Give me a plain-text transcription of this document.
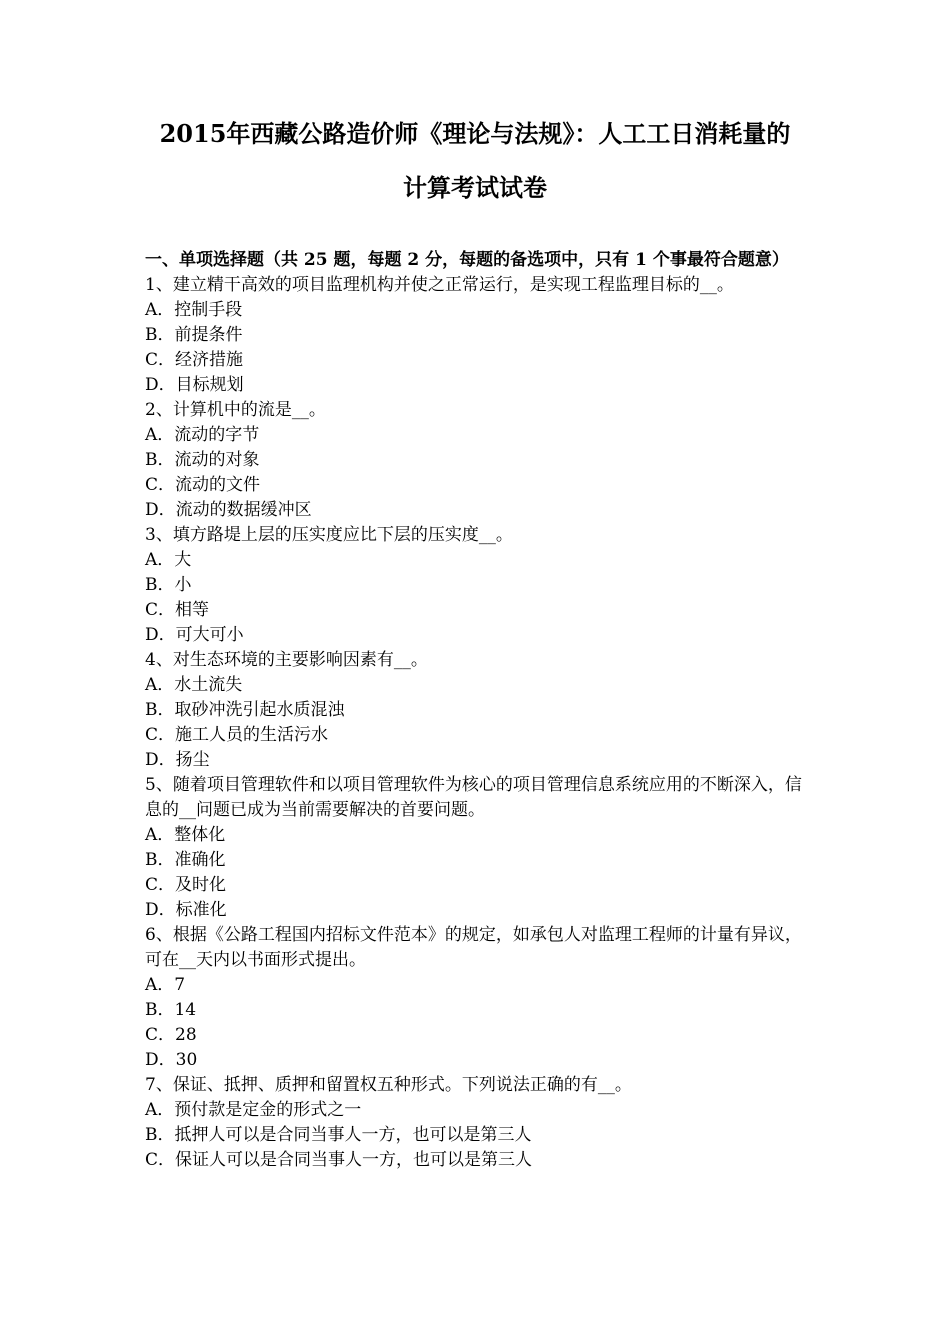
2015年西藏公路造价师《理论与法规》：人工工日消耗量的
计算考试试卷

一、单项选择题（共 25 题，每题 2 分，每题的备选项中，只有 1 个事最符合题意）

1、建立精干高效的项目监理机构并使之正常运行，是实现工程监理目标的__。

A．控制手段

B．前提条件

C．经济措施

D．目标规划

2、计算机中的流是__。

A．流动的字节

B．流动的对象

C．流动的文件

D．流动的数据缓冲区

3、填方路堤上层的压实度应比下层的压实度__。

A．大

B．小

C．相等

D．可大可小

4、对生态环境的主要影响因素有__。

A．水土流失

B．取砂冲洗引起水质混浊

C．施工人员的生活污水

D．扬尘

5、随着项目管理软件和以项目管理软件为核心的项目管理信息系统应用的不断深入，信息的__问题已成为当前需要解决的首要问题。

A．整体化

B．准确化

C．及时化

D．标准化

6、根据《公路工程国内招标文件范本》的规定，如承包人对监理工程师的计量有异议，可在__天内以书面形式提出。

A．7

B．14

C．28

D．30

7、保证、抵押、质押和留置权五种形式。下列说法正确的有__。

A．预付款是定金的形式之一

B．抵押人可以是合同当事人一方，也可以是第三人

C．保证人可以是合同当事人一方，也可以是第三人
